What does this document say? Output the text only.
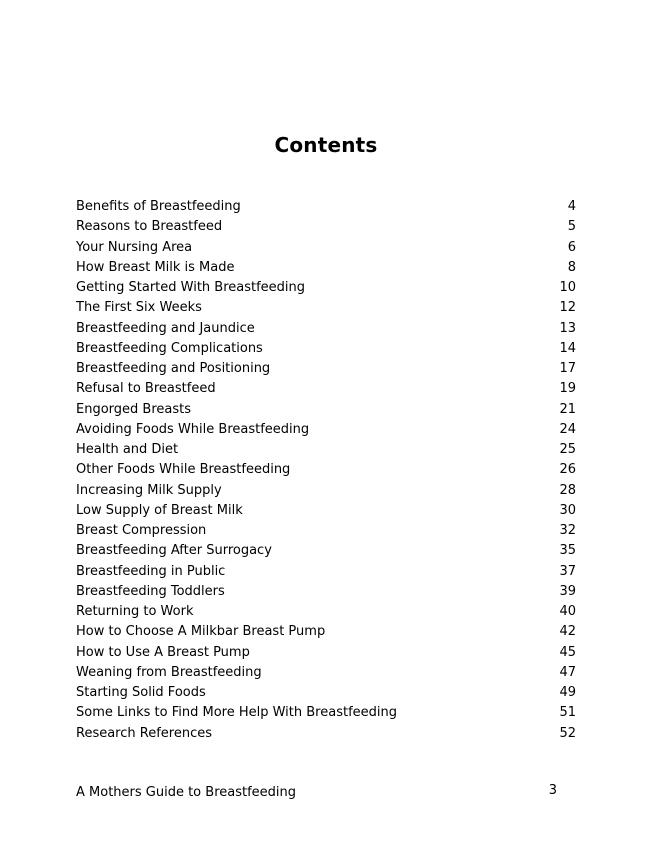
Contents
Benefits of Breastfeeding	4
Reasons to Breastfeed	5
Your Nursing Area	6
How Breast Milk is Made	8
Getting Started With Breastfeeding	10
The First Six Weeks	12
Breastfeeding and Jaundice	13
Breastfeeding Complications	14
Breastfeeding and Positioning	17
Refusal to Breastfeed	19
Engorged Breasts	21
Avoiding Foods While Breastfeeding	24
Health and Diet	25
Other Foods While Breastfeeding	26
Increasing Milk Supply	28
Low Supply of Breast Milk	30
Breast Compression	32
Breastfeeding After Surrogacy	35
Breastfeeding in Public	37
Breastfeeding Toddlers	39
Returning to Work	40
How to Choose A Milkbar Breast Pump	42
How to Use A Breast Pump	45
Weaning from Breastfeeding	47
Starting Solid Foods	49
Some Links to Find More Help With Breastfeeding	51
Research References	52
A Mothers Guide to Breastfeeding	3
